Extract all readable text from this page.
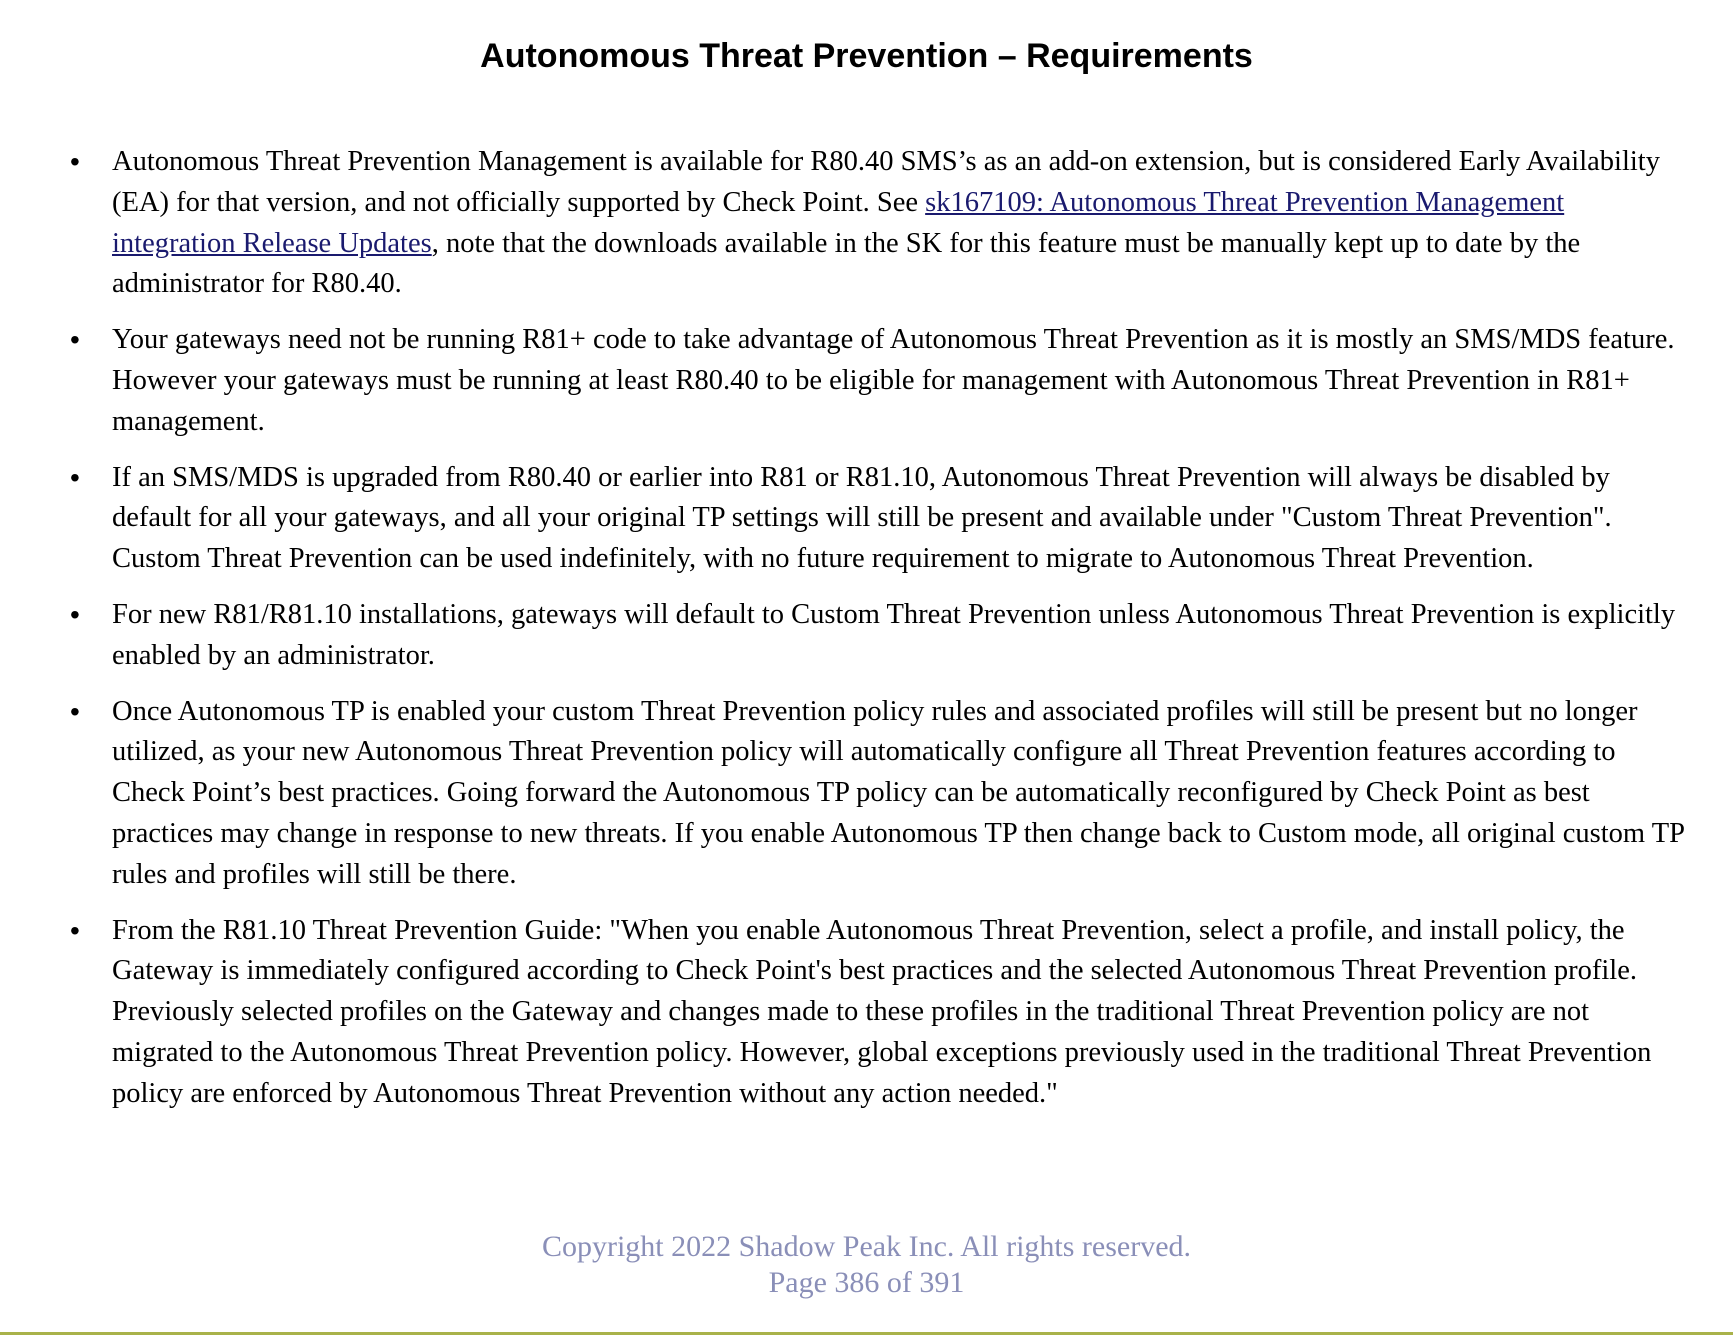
Autonomous Threat Prevention – Requirements
• Autonomous Threat Prevention Management is available for R80.40 SMS’s as an add-on extension, but is considered Early Availability (EA) for that version, and not officially supported by Check Point. See sk167109: Autonomous Threat Prevention Management integration Release Updates, note that the downloads available in the SK for this feature must be manually kept up to date by the administrator for R80.40.
• Your gateways need not be running R81+ code to take advantage of Autonomous Threat Prevention as it is mostly an SMS/MDS feature. However your gateways must be running at least R80.40 to be eligible for management with Autonomous Threat Prevention in R81+ management.
• If an SMS/MDS is upgraded from R80.40 or earlier into R81 or R81.10, Autonomous Threat Prevention will always be disabled by default for all your gateways, and all your original TP settings will still be present and available under "Custom Threat Prevention". Custom Threat Prevention can be used indefinitely, with no future requirement to migrate to Autonomous Threat Prevention.
• For new R81/R81.10 installations, gateways will default to Custom Threat Prevention unless Autonomous Threat Prevention is explicitly enabled by an administrator.
• Once Autonomous TP is enabled your custom Threat Prevention policy rules and associated profiles will still be present but no longer utilized, as your new Autonomous Threat Prevention policy will automatically configure all Threat Prevention features according to Check Point’s best practices. Going forward the Autonomous TP policy can be automatically reconfigured by Check Point as best practices may change in response to new threats. If you enable Autonomous TP then change back to Custom mode, all original custom TP rules and profiles will still be there.
• From the R81.10 Threat Prevention Guide: "When you enable Autonomous Threat Prevention, select a profile, and install policy, the Gateway is immediately configured according to Check Point's best practices and the selected Autonomous Threat Prevention profile. Previously selected profiles on the Gateway and changes made to these profiles in the traditional Threat Prevention policy are not migrated to the Autonomous Threat Prevention policy. However, global exceptions previously used in the traditional Threat Prevention policy are enforced by Autonomous Threat Prevention without any action needed."
Copyright 2022 Shadow Peak Inc. All rights reserved.
Page 386 of 391
